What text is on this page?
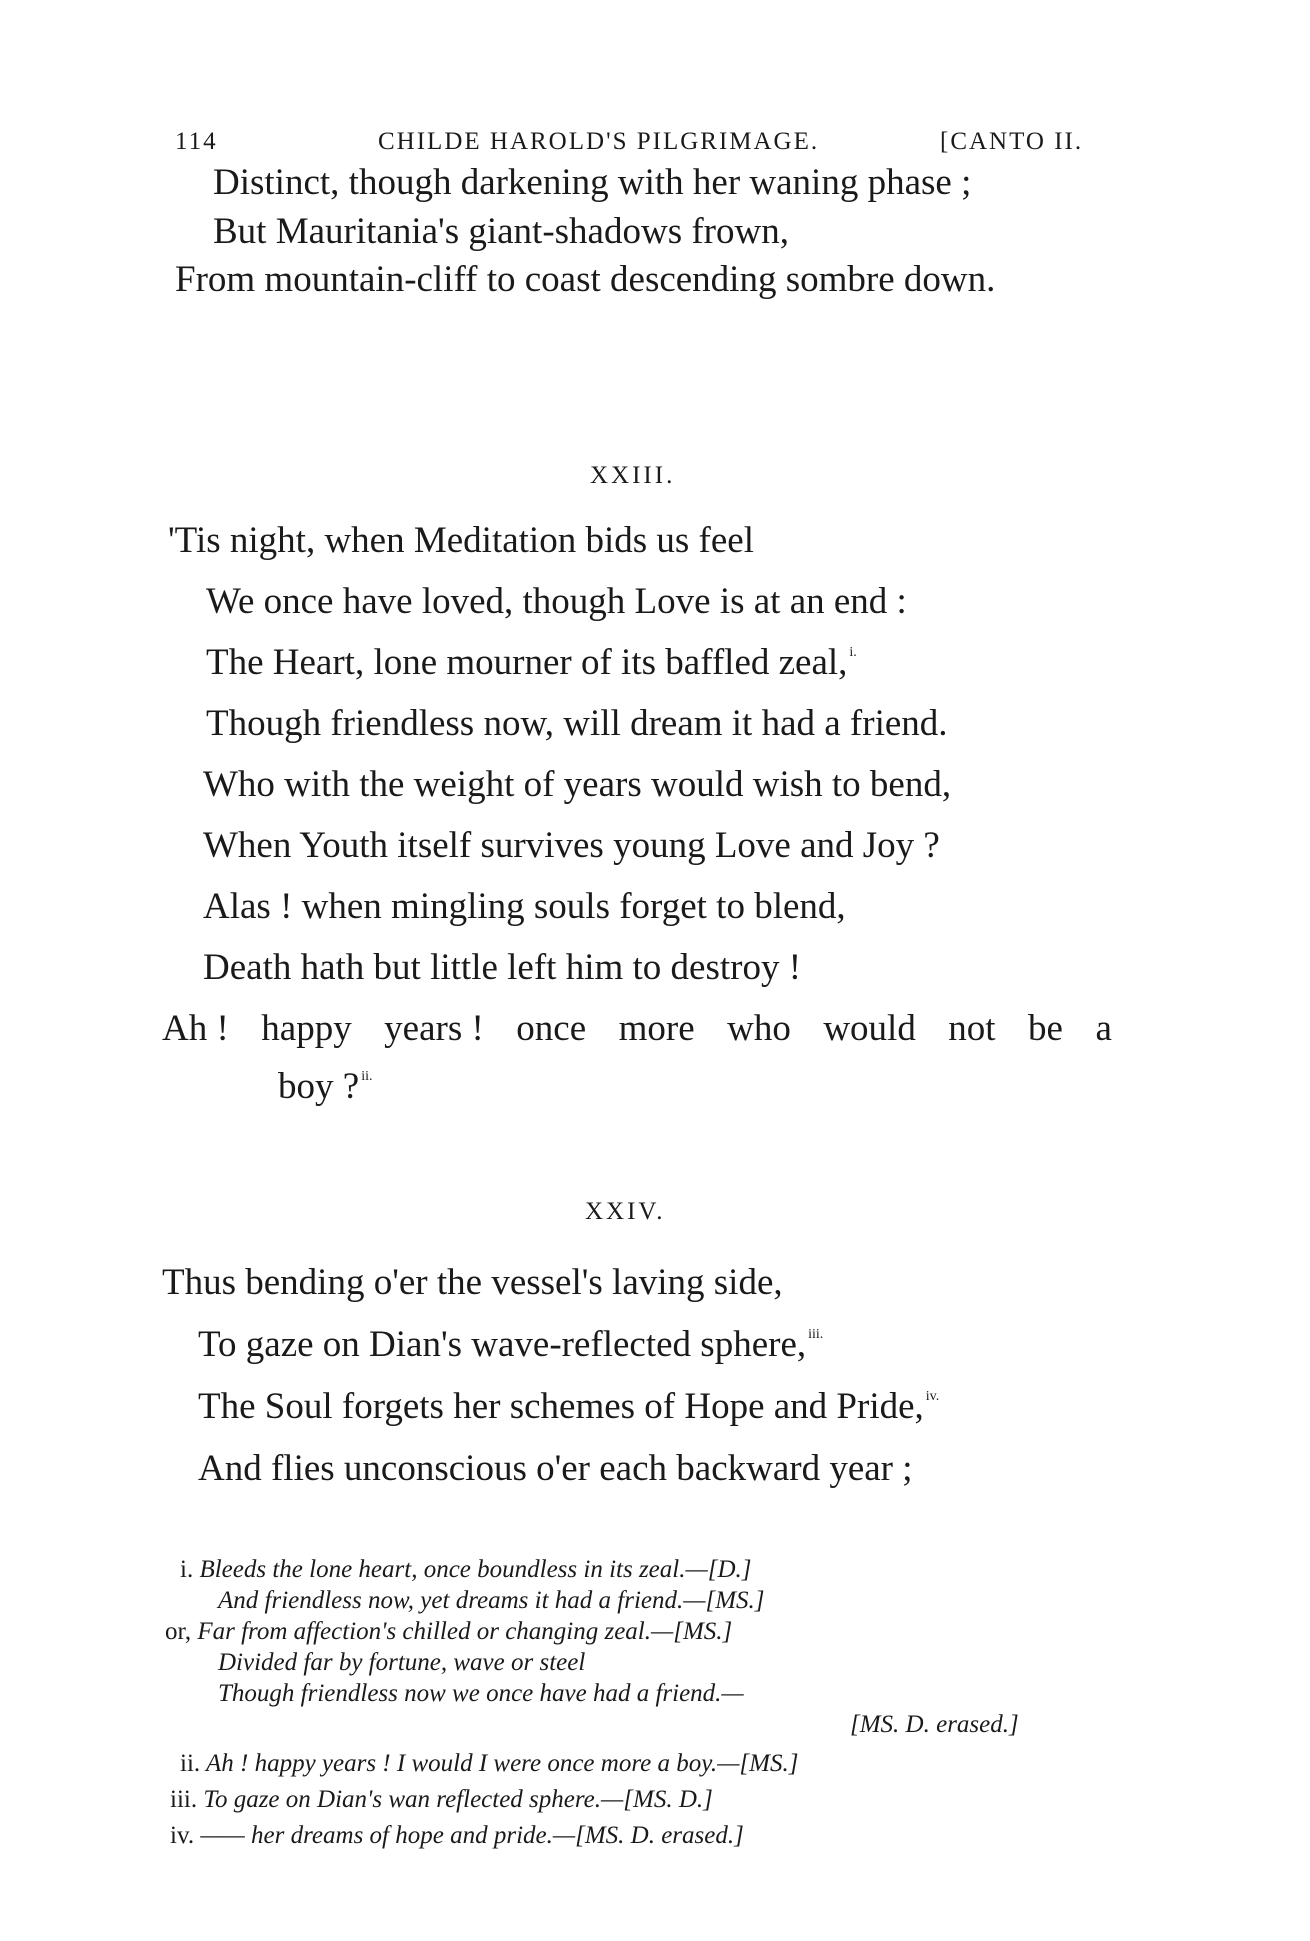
114	CHILDE HAROLD'S PILGRIMAGE.	[CANTO II.
Distinct, though darkening with her waning phase ;
But Mauritania's giant-shadows frown,
From mountain-cliff to coast descending sombre down.
XXIII.
'Tis night, when Meditation bids us feel
We once have loved, though Love is at an end :
The Heart, lone mourner of its baffled zeal, $^{i.}$
Though friendless now, will dream it had a friend.
Who with the weight of years would wish to bend,
When Youth itself survives young Love and Joy ?
Alas ! when mingling souls forget to blend,
Death hath but little left him to destroy !
Ah ! happy years ! once more who would not be a
boy ? $^{ii.}$
XXIV.
Thus bending o'er the vessel's laving side,
To gaze on Dian's wave-reflected sphere, $^{iii.}$
The Soul forgets her schemes of Hope and Pride, $^{iv.}$
And flies unconscious o'er each backward year ;
i. Bleeds the lone heart, once boundless in its zeal.—[D.]
And friendless now, yet dreams it had a friend.—[MS.]
or, Far from affection's chilled or changing zeal.—[MS.]
Divided far by fortune, wave or steel
Though friendless now we once have had a friend.—
[MS. D. erased.]
ii. Ah ! happy years ! I would I were once more a boy.—[MS.]
iii. To gaze on Dian's wan reflected sphere.—[MS. D.]
iv. —— her dreams of hope and pride.—[MS. D. erased.]
